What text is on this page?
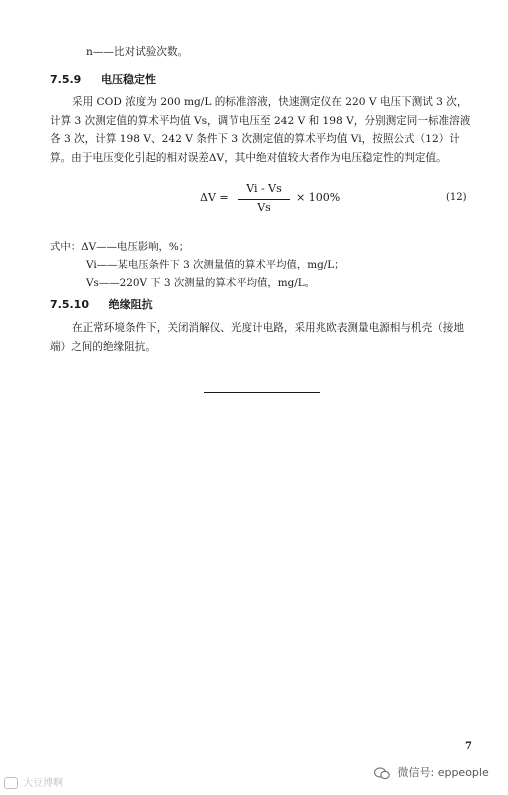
n——比对试验次数。
7.5.9 电压稳定性
采用 COD 浓度为 200 mg/L 的标准溶液，快速测定仪在 220 V 电压下测试 3 次，计算 3 次测定值的算术平均值 Vs，调节电压至 242 V 和 198 V，分别测定同一标准溶液各 3 次，计算 198 V、242 V 条件下 3 次测定值的算术平均值 Vi，按照公式（12）计算。由于电压变化引起的相对误差ΔV，其中绝对值较大者作为电压稳定性的判定值。
ΔV =
Vi - Vs
Vs
× 100%	(12)
式中：ΔV——电压影响，%；
Vi——某电压条件下 3 次测量值的算术平均值，mg/L；
Vs——220V 下 3 次测量的算术平均值，mg/L。
7.5.10 绝缘阻抗
在正常环境条件下，关闭消解仪、光度计电路，采用兆欧表测量电源相与机壳（接地端）之间的绝缘阻抗。
7
大豆博啊
微信号: eppeople
